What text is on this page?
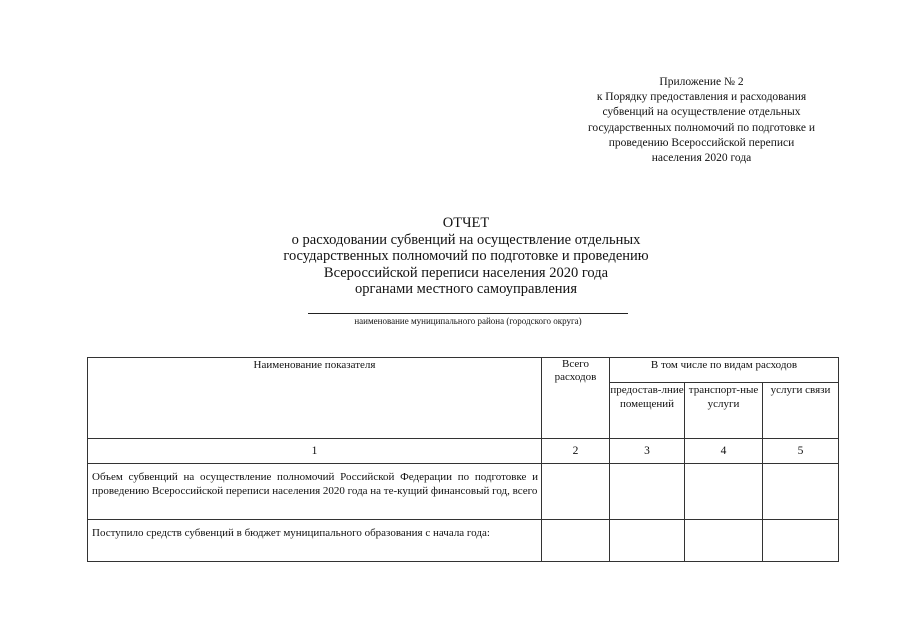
Приложение № 2
к Порядку предоставления и расходования
субвенций на осуществление отдельных
государственных полномочий по подготовке и
проведению Всероссийской переписи
населения 2020 года
ОТЧЕТ
о расходовании субвенций на осуществление отдельных
государственных полномочий по подготовке и проведению
Всероссийской переписи населения 2020 года
органами местного самоуправления
наименование муниципального района (городского округа)
Наименование показателя	Всего расходов	В том числе по видам расходов		
		предостав-лние помещений	транспорт-ные услуги	услуги связи
1	2	3	4	5
Объем субвенций на осуществление полномочий Российской Федерации по подготовке и проведению Всероссийской переписи населения 2020 года на те-кущий финансовый год, всего				
Поступило средств субвенций в бюджет муниципального образования с начала года:				
